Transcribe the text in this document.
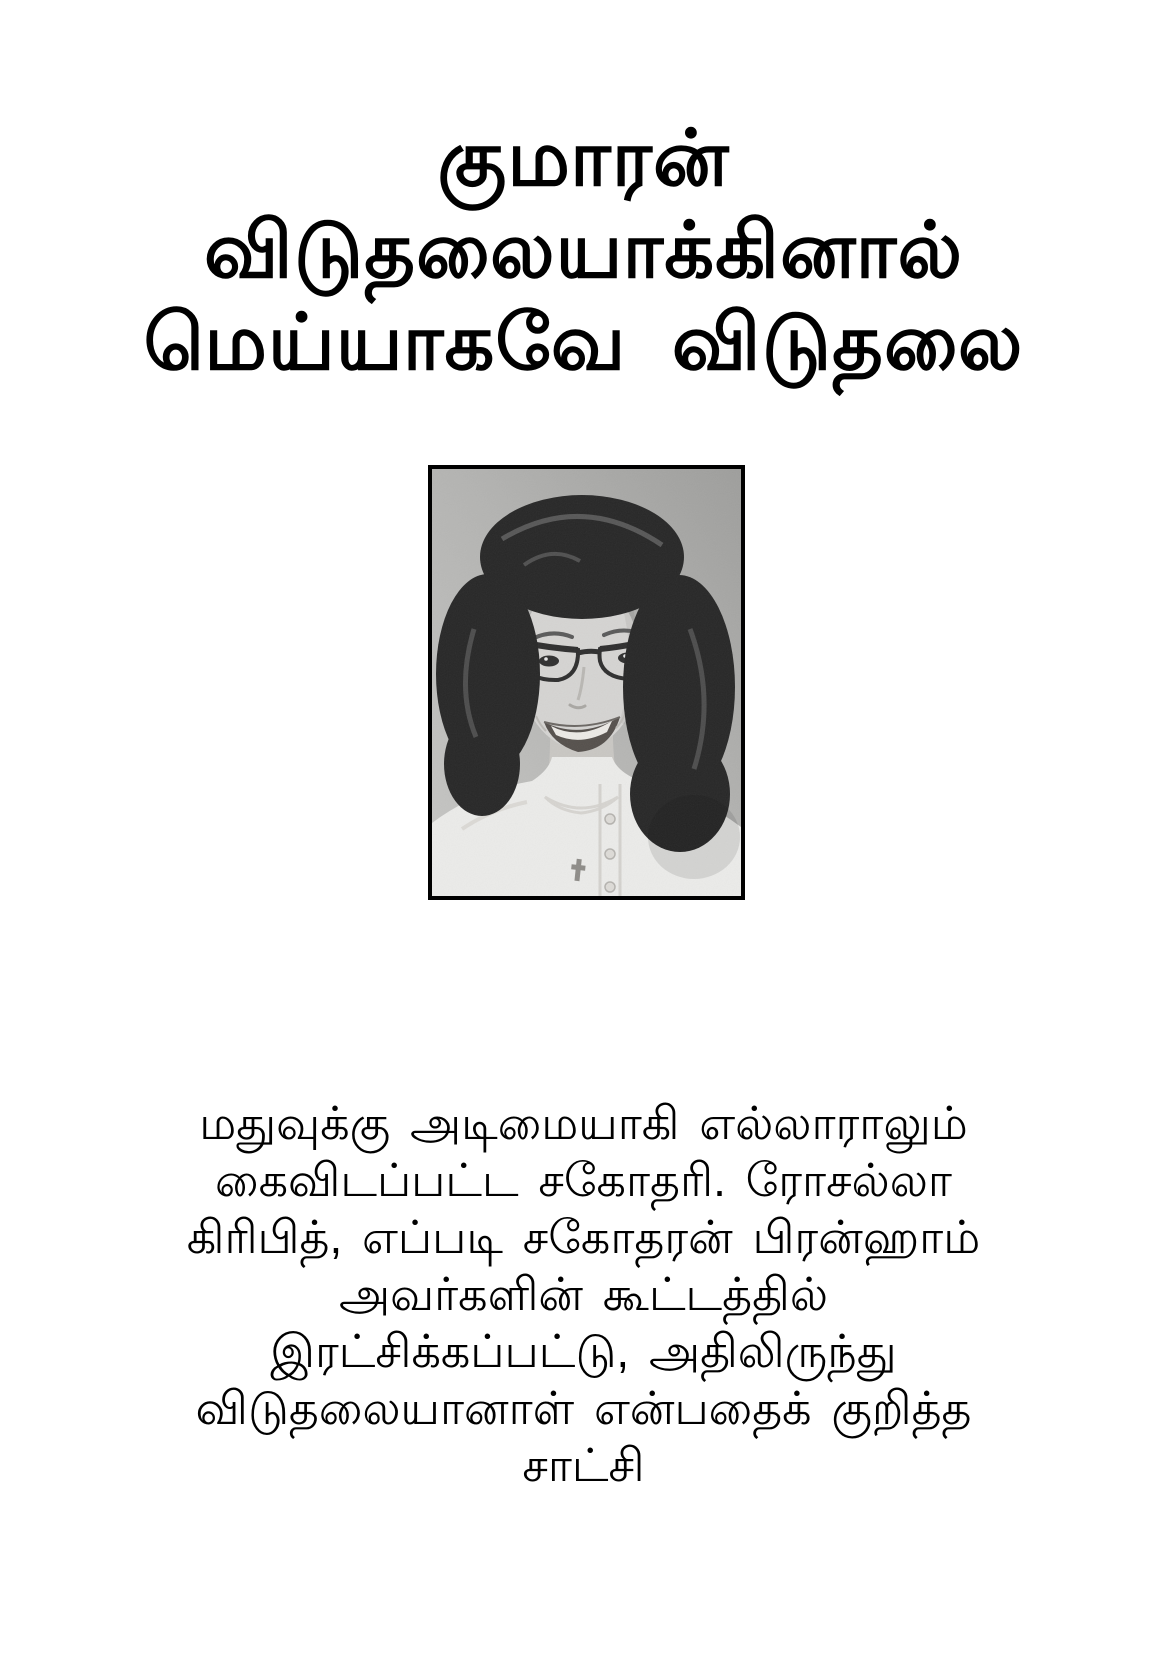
குமாரன்
விடுதலையாக்கினால்
மெய்யாகவே  விடுதலை

மதுவுக்கு அடிமையாகி எல்லாராலும்
கைவிடப்பட்ட சகோதரி. ரோசல்லா
கிரிபித், எப்படி சகோதரன் பிரன்ஹாம்
அவர்களின் கூட்டத்தில்
இரட்சிக்கப்பட்டு, அதிலிருந்து
விடுதலையானாள் என்பதைக் குறித்த
சாட்சி
